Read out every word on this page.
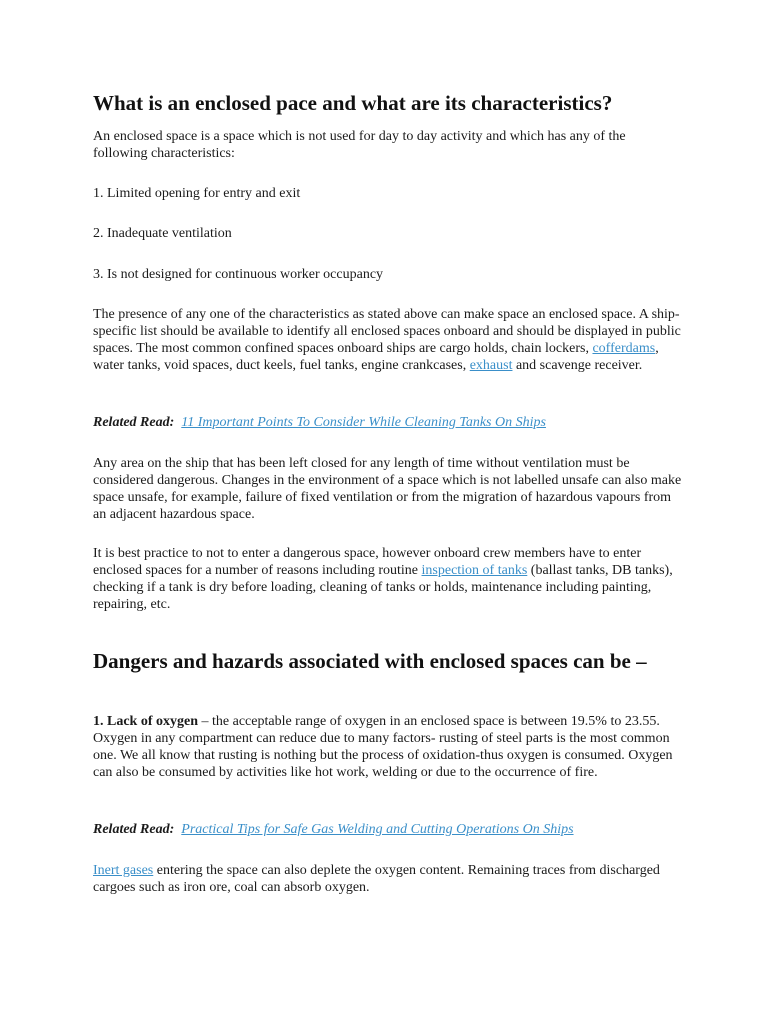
What is an enclosed pace and what are its characteristics?

An enclosed space is a space which is not used for day to day activity and which has any of the following characteristics:

1. Limited opening for entry and exit

2. Inadequate ventilation

3. Is not designed for continuous worker occupancy

The presence of any one of the characteristics as stated above can make space an enclosed space. A ship-specific list should be available to identify all enclosed spaces onboard and should be displayed in public spaces. The most common confined spaces onboard ships are cargo holds, chain lockers, cofferdams, water tanks, void spaces, duct keels, fuel tanks, engine crankcases, exhaust and scavenge receiver.

Related Read: 11 Important Points To Consider While Cleaning Tanks On Ships

Any area on the ship that has been left closed for any length of time without ventilation must be considered dangerous. Changes in the environment of a space which is not labelled unsafe can also make space unsafe, for example, failure of fixed ventilation or from the migration of hazardous vapours from an adjacent hazardous space.

It is best practice to not to enter a dangerous space, however onboard crew members have to enter enclosed spaces for a number of reasons including routine inspection of tanks (ballast tanks, DB tanks), checking if a tank is dry before loading, cleaning of tanks or holds, maintenance including painting, repairing, etc.

Dangers and hazards associated with enclosed spaces can be –

1. Lack of oxygen – the acceptable range of oxygen in an enclosed space is between 19.5% to 23.55. Oxygen in any compartment can reduce due to many factors- rusting of steel parts is the most common one. We all know that rusting is nothing but the process of oxidation-thus oxygen is consumed. Oxygen can also be consumed by activities like hot work, welding or due to the occurrence of fire.

Related Read: Practical Tips for Safe Gas Welding and Cutting Operations On Ships

Inert gases entering the space can also deplete the oxygen content. Remaining traces from discharged cargoes such as iron ore, coal can absorb oxygen.
